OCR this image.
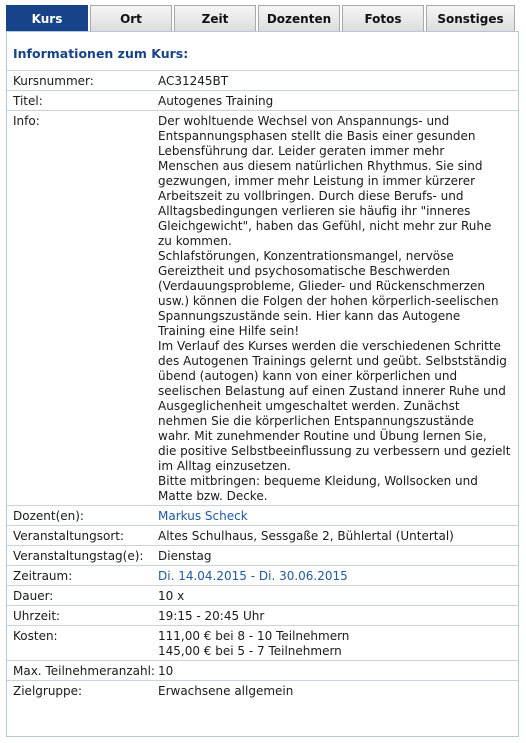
Kurs	Ort	Zeit	Dozenten	Fotos	Sonstiges
Informationen zum Kurs:
Kursnummer:	AC31245BT
Titel:	Autogenes Training
Info:	Der wohltuende Wechsel von Anspannungs- und
Entspannungsphasen stellt die Basis einer gesunden
Lebensführung dar. Leider geraten immer mehr
Menschen aus diesem natürlichen Rhythmus. Sie sind
gezwungen, immer mehr Leistung in immer kürzerer
Arbeitszeit zu vollbringen. Durch diese Berufs- und
Alltagsbedingungen verlieren sie häufig ihr "inneres
Gleichgewicht", haben das Gefühl, nicht mehr zur Ruhe
zu kommen.
Schlafstörungen, Konzentrationsmangel, nervöse
Gereiztheit und psychosomatische Beschwerden
(Verdauungsprobleme, Glieder- und Rückenschmerzen
usw.) können die Folgen der hohen körperlich-seelischen
Spannungszustände sein. Hier kann das Autogene
Training eine Hilfe sein!
Im Verlauf des Kurses werden die verschiedenen Schritte
des Autogenen Trainings gelernt und geübt. Selbstständig
übend (autogen) kann von einer körperlichen und
seelischen Belastung auf einen Zustand innerer Ruhe und
Ausgeglichenheit umgeschaltet werden. Zunächst
nehmen Sie die körperlichen Entspannungszustände
wahr. Mit zunehmender Routine und Übung lernen Sie,
die positive Selbstbeeinflussung zu verbessern und gezielt
im Alltag einzusetzen.
Bitte mitbringen: bequeme Kleidung, Wollsocken und
Matte bzw. Decke.
Dozent(en):	Markus Scheck
Veranstaltungsort:	Altes Schulhaus, Sessgaße 2, Bühlertal (Untertal)
Veranstaltungstag(e):	Dienstag
Zeitraum:	Di. 14.04.2015 - Di. 30.06.2015
Dauer:	10 x
Uhrzeit:	19:15 - 20:45 Uhr
Kosten:	111,00 € bei 8 - 10 Teilnehmern
145,00 € bei 5 - 7 Teilnehmern
Max. Teilnehmeranzahl: 10
Zielgruppe:	Erwachsene allgemein
